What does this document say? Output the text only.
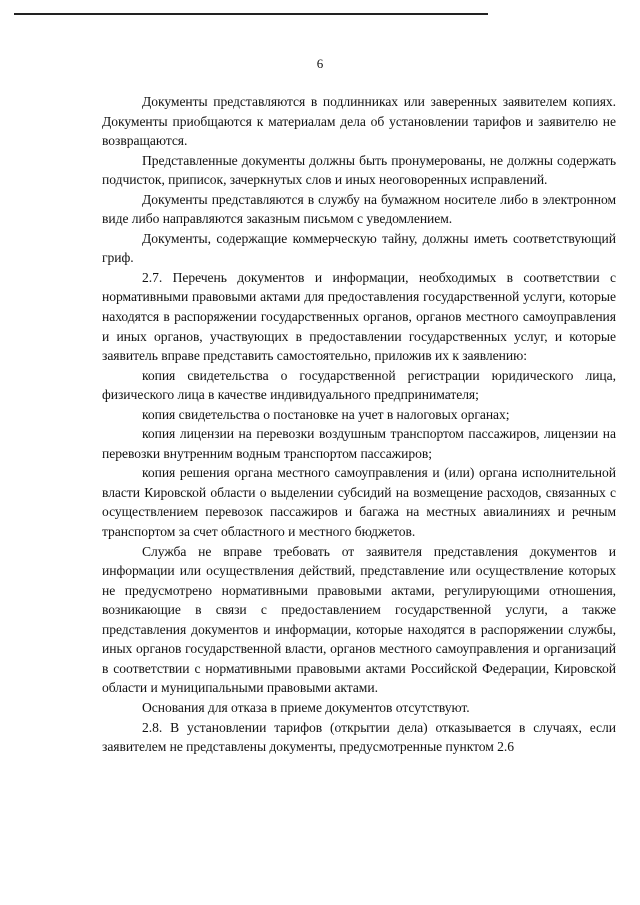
6

Документы представляются в подлинниках или заверенных заявителем копиях. Документы приобщаются к материалам дела об установлении тарифов и заявителю не возвращаются.

Представленные документы должны быть пронумерованы, не должны содержать подчисток, приписок, зачеркнутых слов и иных неоговоренных исправлений.

Документы представляются в службу на бумажном носителе либо в электронном виде либо направляются заказным письмом с уведомлением.

Документы, содержащие коммерческую тайну, должны иметь соответствующий гриф.

2.7. Перечень документов и информации, необходимых в соответствии с нормативными правовыми актами для предоставления государственной услуги, которые находятся в распоряжении государственных органов, органов местного самоуправления и иных органов, участвующих в предоставлении государственных услуг, и которые заявитель вправе представить самостоятельно, приложив их к заявлению:

копия свидетельства о государственной регистрации юридического лица, физического лица в качестве индивидуального предпринимателя;

копия свидетельства о постановке на учет в налоговых органах;

копия лицензии на перевозки воздушным транспортом пассажиров, лицензии на перевозки внутренним водным транспортом пассажиров;

копия решения органа местного самоуправления и (или) органа исполнительной власти Кировской области о выделении субсидий на возмещение расходов, связанных с осуществлением перевозок пассажиров и багажа на местных авиалиниях и речным транспортом за счет областного и местного бюджетов.

Служба не вправе требовать от заявителя представления документов и информации или осуществления действий, представление или осуществление которых не предусмотрено нормативными правовыми актами, регулирующими отношения, возникающие в связи с предоставлением государственной услуги, а также представления документов и информации, которые находятся в распоряжении службы, иных органов государственной власти, органов местного самоуправления и организаций в соответствии с нормативными правовыми актами Российской Федерации, Кировской области и муниципальными правовыми актами.

Основания для отказа в приеме документов отсутствуют.

2.8. В установлении тарифов (открытии дела) отказывается в случаях, если заявителем не представлены документы, предусмотренные пунктом 2.6
